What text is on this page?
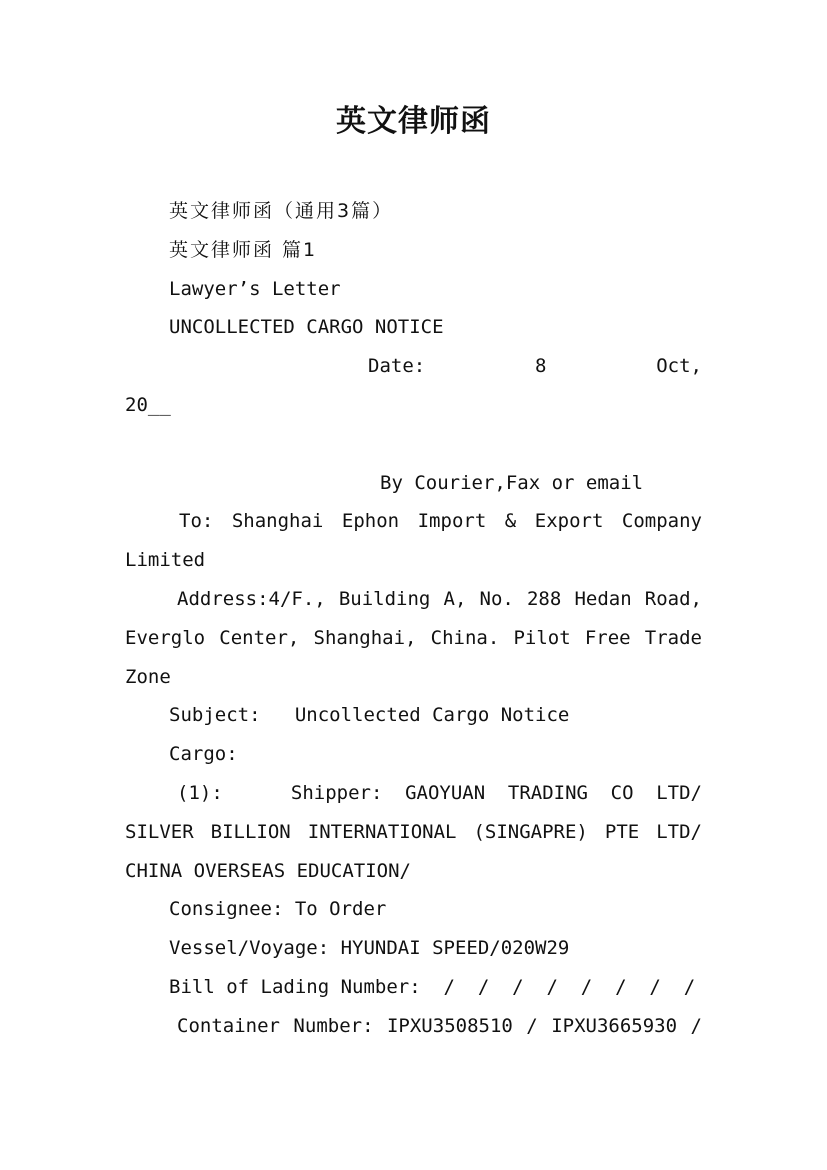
英文律师函

英文律师函（通用3篇）

英文律师函 篇1

Lawyer’s Letter

UNCOLLECTED CARGO NOTICE

Date:	8	Oct,

20__

By Courier,Fax or email

To: Shanghai Ephon Import & Export Company Limited

Address:4/F., Building A, No. 288 Hedan Road, Everglo Center, Shanghai, China. Pilot Free Trade Zone

Subject:   Uncollected Cargo Notice

Cargo:

(1):   Shipper: GAOYUAN TRADING CO LTD/ SILVER BILLION INTERNATIONAL (SINGAPRE) PTE LTD/ CHINA OVERSEAS EDUCATION/

Consignee: To Order

Vessel/Voyage: HYUNDAI SPEED/020W29

Bill of Lading Number:  /  /  /  /  /  /  /  /

Container Number: IPXU3508510 / IPXU3665930 /
